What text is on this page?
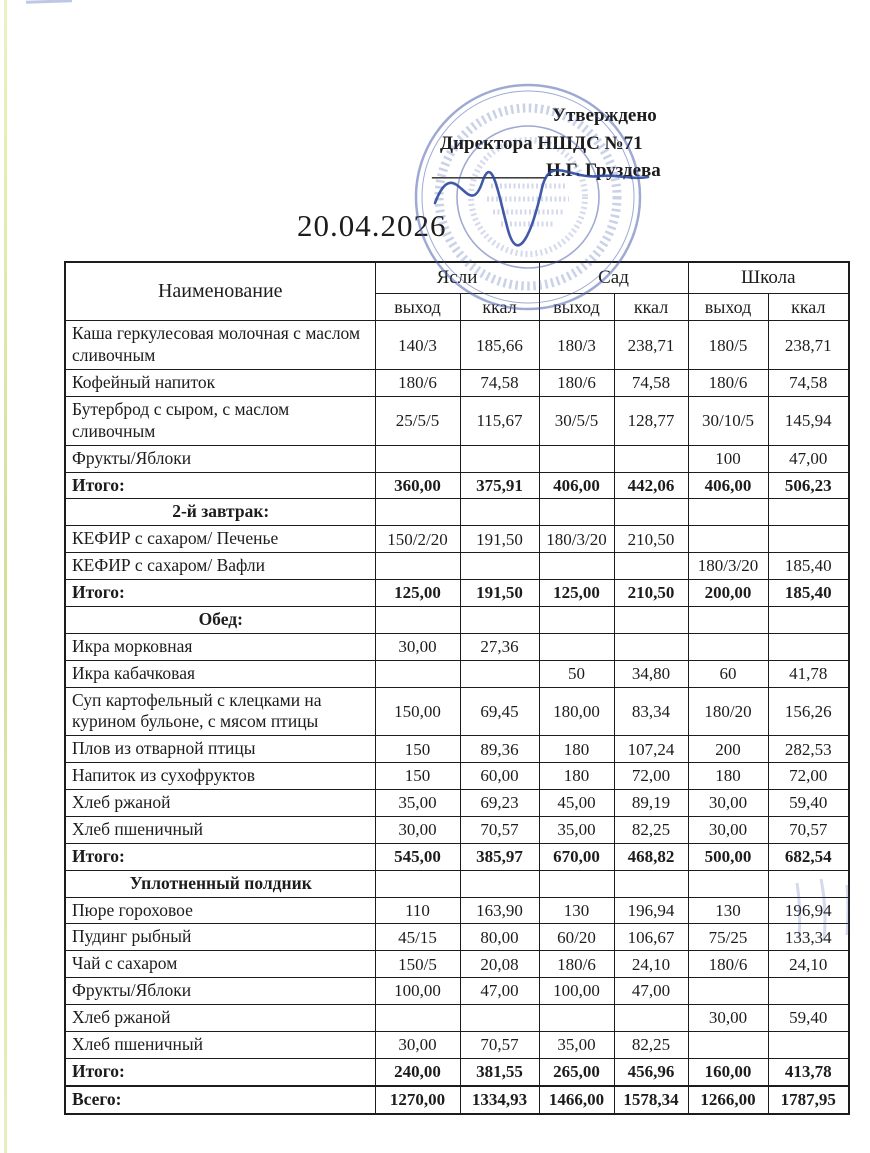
Утверждено
Директора НШДС №71
____________Н.Г. Груздева
20.04.2026
Наименование	Ясли		Сад		Школа	
	выход	ккал	выход	ккал	выход	ккал
Каша геркулесовая молочная с маслом сливочным	140/3	185,66	180/3	238,71	180/5	238,71
Кофейный напиток	180/6	74,58	180/6	74,58	180/6	74,58
Бутерброд с сыром, с маслом сливочным	25/5/5	115,67	30/5/5	128,77	30/10/5	145,94
Фрукты/Яблоки					100	47,00
Итого:	360,00	375,91	406,00	442,06	406,00	506,23
2-й завтрак:						
КЕФИР с сахаром/ Печенье	150/2/20	191,50	180/3/20	210,50		
КЕФИР с сахаром/ Вафли					180/3/20	185,40
Итого:	125,00	191,50	125,00	210,50	200,00	185,40
Обед:						
Икра морковная	30,00	27,36				
Икра кабачковая			50	34,80	60	41,78
Суп картофельный с клецками на курином бульоне, с мясом птицы	150,00	69,45	180,00	83,34	180/20	156,26
Плов из отварной птицы	150	89,36	180	107,24	200	282,53
Напиток из сухофруктов	150	60,00	180	72,00	180	72,00
Хлеб ржаной	35,00	69,23	45,00	89,19	30,00	59,40
Хлеб пшеничный	30,00	70,57	35,00	82,25	30,00	70,57
Итого:	545,00	385,97	670,00	468,82	500,00	682,54
Уплотненный полдник						
Пюре гороховое	110	163,90	130	196,94	130	196,94
Пудинг рыбный	45/15	80,00	60/20	106,67	75/25	133,34
Чай с сахаром	150/5	20,08	180/6	24,10	180/6	24,10
Фрукты/Яблоки	100,00	47,00	100,00	47,00		
Хлеб ржаной					30,00	59,40
Хлеб пшеничный	30,00	70,57	35,00	82,25		
Итого:	240,00	381,55	265,00	456,96	160,00	413,78
Всего:	1270,00	1334,93	1466,00	1578,34	1266,00	1787,95
